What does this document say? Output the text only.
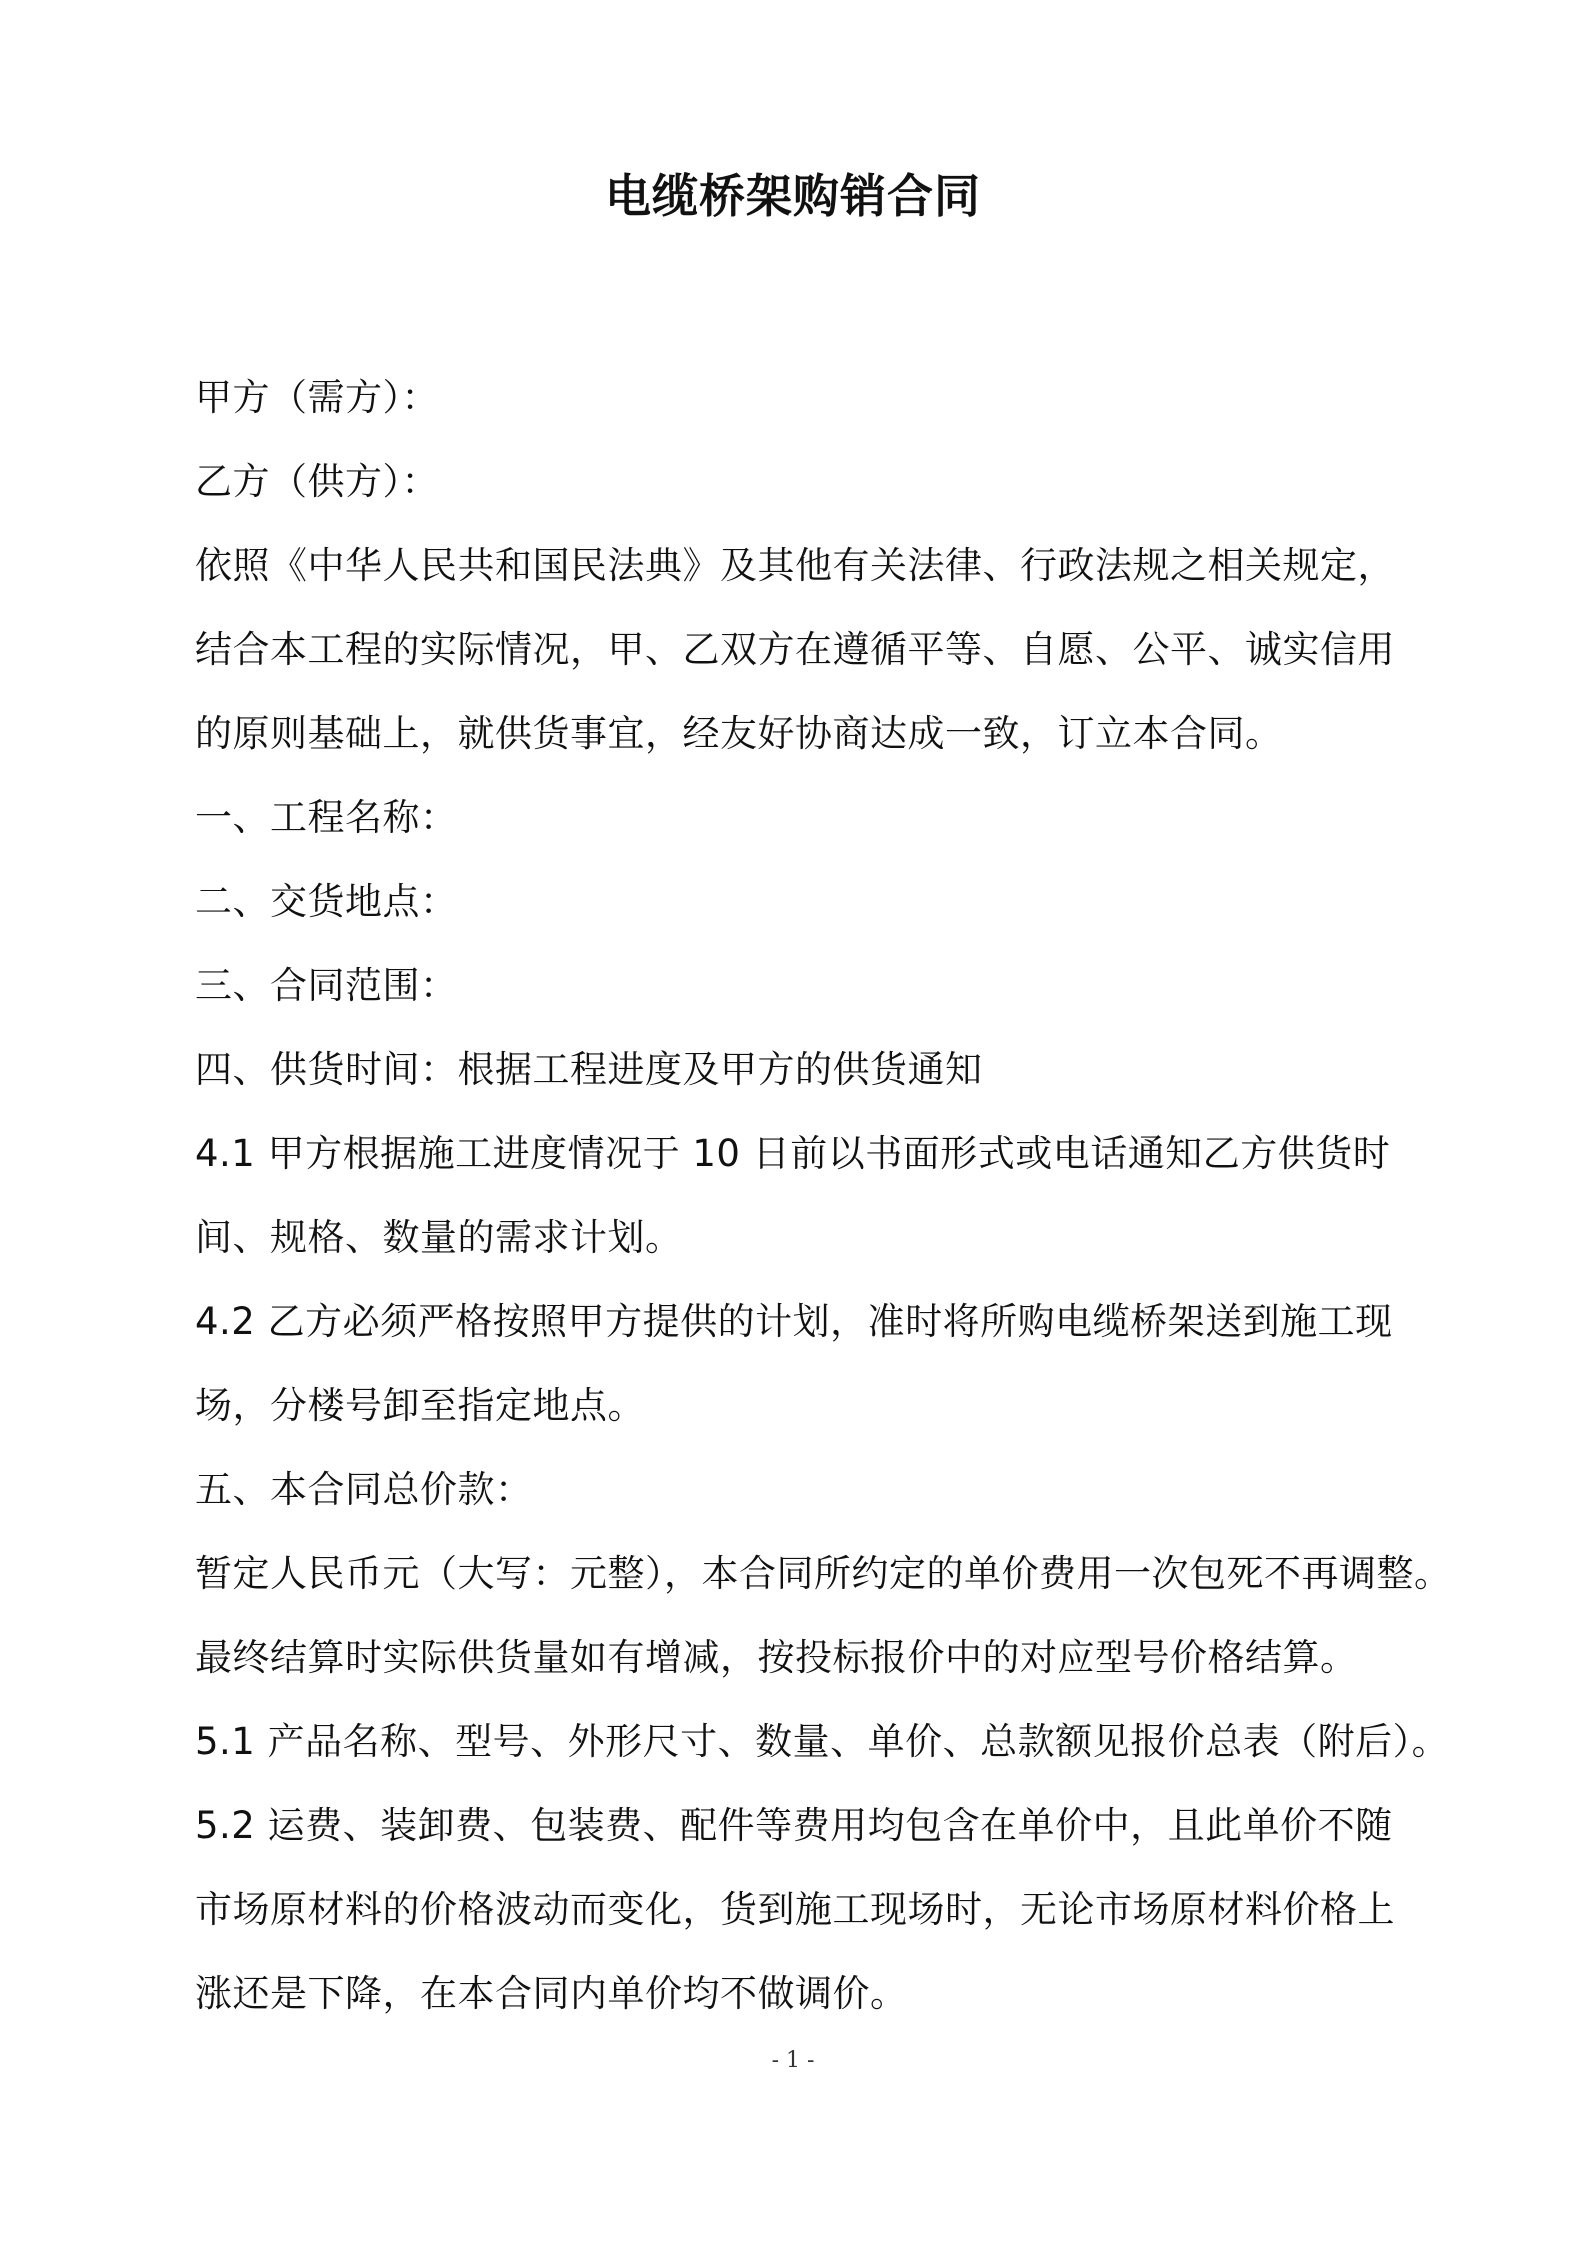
电缆桥架购销合同
甲方（需方）：
乙方（供方）：
依照《中华人民共和国民法典》及其他有关法律、行政法规之相关规定，
结合本工程的实际情况，甲、乙双方在遵循平等、自愿、公平、诚实信用
的原则基础上，就供货事宜，经友好协商达成一致，订立本合同。
一、工程名称：
二、交货地点：
三、合同范围：
四、供货时间：根据工程进度及甲方的供货通知
4.1 甲方根据施工进度情况于 10 日前以书面形式或电话通知乙方供货时
间、规格、数量的需求计划。
4.2 乙方必须严格按照甲方提供的计划，准时将所购电缆桥架送到施工现
场，分楼号卸至指定地点。
五、本合同总价款：
暂定人民币元（大写：元整），本合同所约定的单价费用一次包死不再调整。
最终结算时实际供货量如有增减，按投标报价中的对应型号价格结算。
5.1 产品名称、型号、外形尺寸、数量、单价、总款额见报价总表（附后）。
5.2 运费、装卸费、包装费、配件等费用均包含在单价中，且此单价不随
市场原材料的价格波动而变化，货到施工现场时，无论市场原材料价格上
涨还是下降，在本合同内单价均不做调价。
- 1 -
